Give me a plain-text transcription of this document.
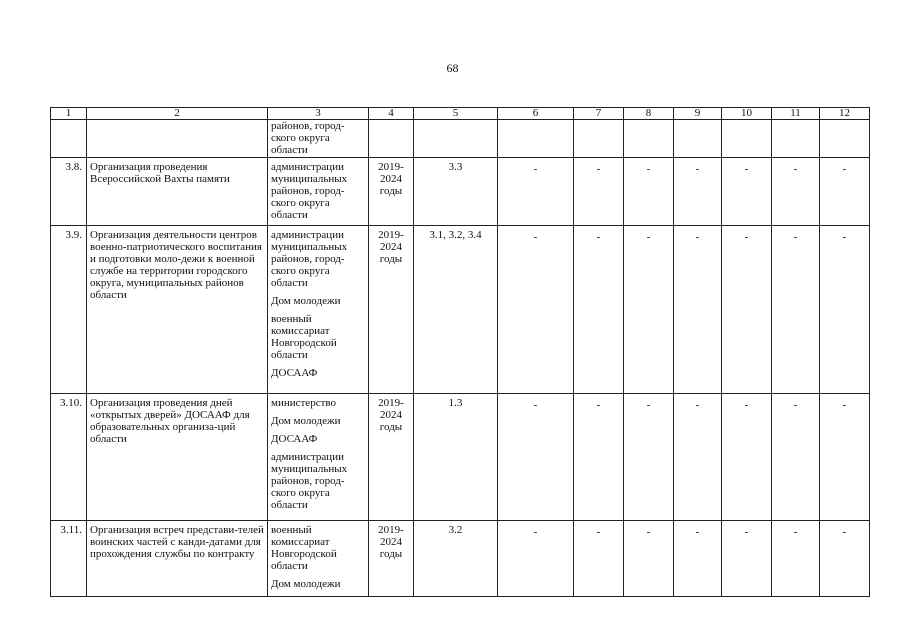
68
1	2	3	4	5	6	7	8	9	10	11	12
		районов, город-
ского округа
области									
3.8.	Организация проведения Всероссийской Вахты памяти	администрации муниципальных районов, город-ского округа области	2019-
2024
годы	3.3	-	-	-	-	-	-	-
3.9.	Организация деятельности центров военно-патриотического воспитания и подготовки моло-дежи к военной службе на территории городского округа, муниципальных районов области	администрации муниципальных районов, город-ского округа области
Дом молодежи
военный комиссариат Новгородской области
ДОСААФ	2019-
2024
годы	3.1, 3.2, 3.4	-	-	-	-	-	-	-
3.10.	Организация проведения дней «открытых дверей» ДОСААФ для образовательных организа-ций области	министерство
Дом молодежи
ДОСААФ
администрации муниципальных районов, город-ского округа области	2019-
2024
годы	1.3	-	-	-	-	-	-	-
3.11.	Организация встреч представи-телей воинских частей с канди-датами для прохождения службы по контракту	военный комиссариат Новгородской области
Дом молодежи	2019-
2024
годы	3.2	-	-	-	-	-	-	-
